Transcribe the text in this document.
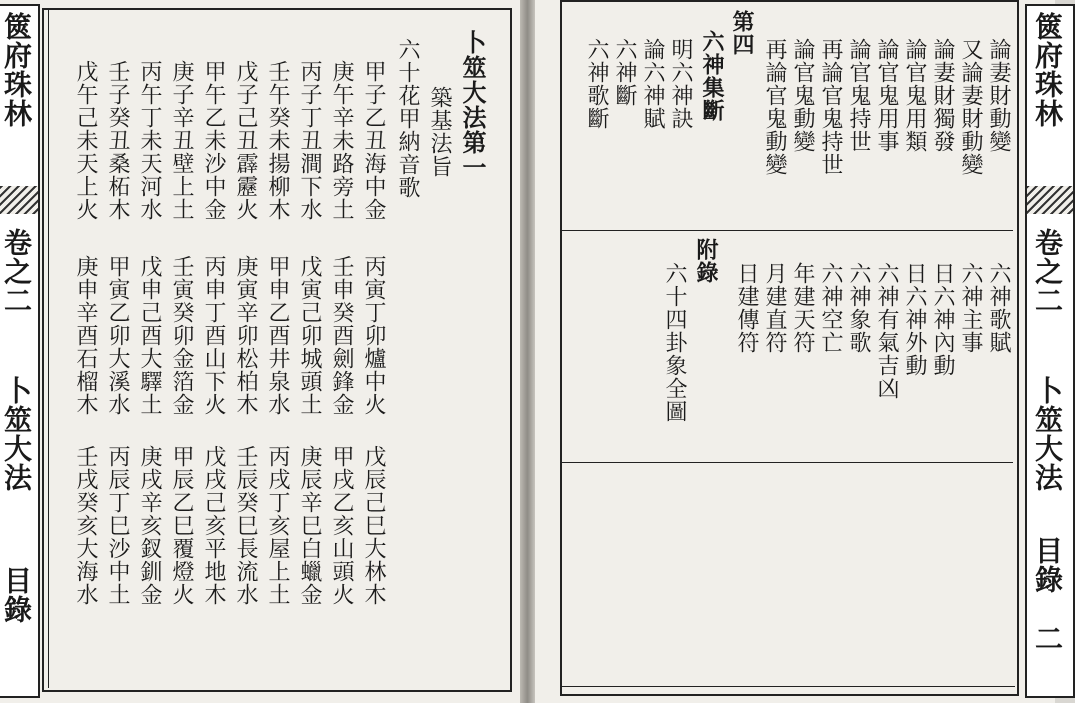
篋府珠林
卷之二
卜筮大法
目錄
卜筮大法第一
築基法旨
六十花甲納音歌
甲子乙丑海中金
丙寅丁卯爐中火
戊辰己巳大林木
庚午辛未路旁土
壬申癸酉劍鋒金
甲戌乙亥山頭火
丙子丁丑澗下水
戊寅己卯城頭土
庚辰辛巳白蠟金
壬午癸未揚柳木
甲申乙酉井泉水
丙戌丁亥屋上土
戊子己丑霹靂火
庚寅辛卯松柏木
壬辰癸巳長流水
甲午乙未沙中金
丙申丁酉山下火
戊戌己亥平地木
庚子辛丑壁上土
壬寅癸卯金箔金
甲辰乙巳覆燈火
丙午丁未天河水
戊申己酉大驛土
庚戌辛亥釵釧金
壬子癸丑桑柘木
甲寅乙卯大溪水
丙辰丁巳沙中土
戊午己未天上火
庚申辛酉石榴木
壬戌癸亥大海水
論妻財動變
又論妻財動變
論妻財獨發
論官鬼用類
論官鬼用事
論官鬼持世
再論官鬼持世
論官鬼動變
再論官鬼動變
第四
六神集斷
明六神訣
論六神賦
六神斷
六神歌斷
六神歌賦
六神主事
日六神內動
日六神外動
六神有氣吉凶
六神象歌
六神空亡
年建天符
月建直符
日建傳符
附錄
六十四卦象全圖
篋府珠林
卷之二
卜筮大法
目錄
二
